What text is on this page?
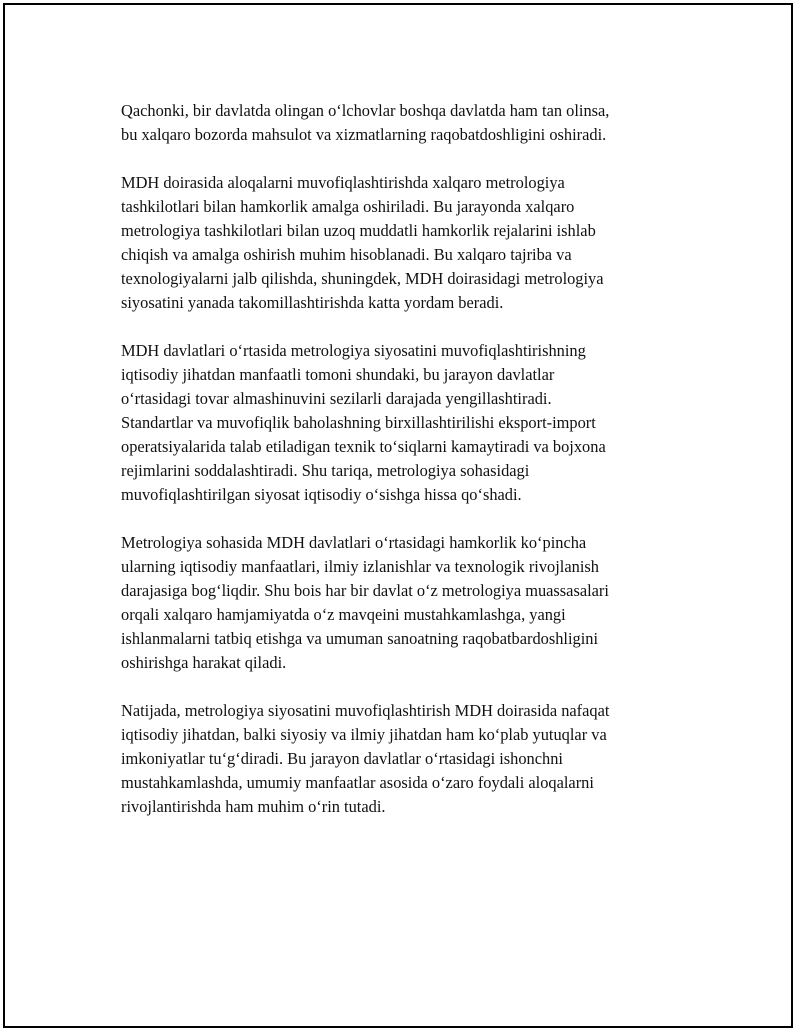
Qachonki, bir davlatda olingan o‘lchovlar boshqa davlatda ham tan olinsa,
bu xalqaro bozorda mahsulot va xizmatlarning raqobatdoshligini oshiradi.

MDH doirasida aloqalarni muvofiqlashtirishda xalqaro metrologiya
tashkilotlari bilan hamkorlik amalga oshiriladi. Bu jarayonda xalqaro
metrologiya tashkilotlari bilan uzoq muddatli hamkorlik rejalarini ishlab
chiqish va amalga oshirish muhim hisoblanadi. Bu xalqaro tajriba va
texnologiyalarni jalb qilishda, shuningdek, MDH doirasidagi metrologiya
siyosatini yanada takomillashtirishda katta yordam beradi.

MDH davlatlari o‘rtasida metrologiya siyosatini muvofiqlashtirishning
iqtisodiy jihatdan manfaatli tomoni shundaki, bu jarayon davlatlar
o‘rtasidagi tovar almashinuvini sezilarli darajada yengillashtiradi.
Standartlar va muvofiqlik baholashning birxillashtirilishi eksport-import
operatsiyalarida talab etiladigan texnik to‘siqlarni kamaytiradi va bojxona
rejimlarini soddalashtiradi. Shu tariqa, metrologiya sohasidagi
muvofiqlashtirilgan siyosat iqtisodiy o‘sishga hissa qo‘shadi.

Metrologiya sohasida MDH davlatlari o‘rtasidagi hamkorlik ko‘pincha
ularning iqtisodiy manfaatlari, ilmiy izlanishlar va texnologik rivojlanish
darajasiga bog‘liqdir. Shu bois har bir davlat o‘z metrologiya muassasalari
orqali xalqaro hamjamiyatda o‘z mavqeini mustahkamlashga, yangi
ishlanmalarni tatbiq etishga va umuman sanoatning raqobatbardoshligini
oshirishga harakat qiladi.

Natijada, metrologiya siyosatini muvofiqlashtirish MDH doirasida nafaqat
iqtisodiy jihatdan, balki siyosiy va ilmiy jihatdan ham ko‘plab yutuqlar va
imkoniyatlar tu‘g‘diradi. Bu jarayon davlatlar o‘rtasidagi ishonchni
mustahkamlashda, umumiy manfaatlar asosida o‘zaro foydali aloqalarni
rivojlantirishda ham muhim o‘rin tutadi.
